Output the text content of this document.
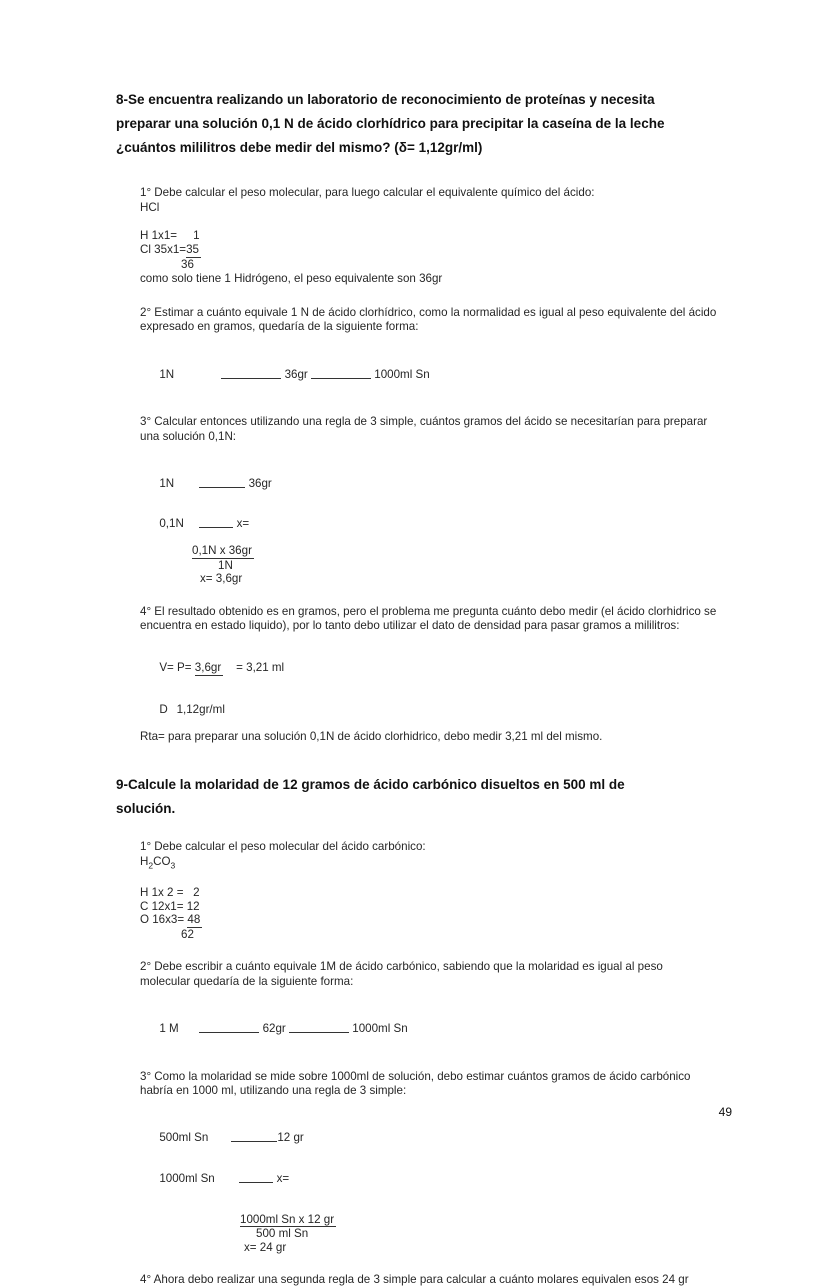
8-Se encuentra realizando un laboratorio de reconocimiento de proteínas y necesita
preparar una solución 0,1 N de ácido clorhídrico para precipitar la caseína de la leche
¿cuántos mililitros debe medir del mismo? (δ= 1,12gr/ml)

1° Debe calcular el peso molecular, para luego calcular el equivalente químico del ácido:

HCl

H 1x1=     1

Cl 35x1=35

36

como solo tiene 1 Hidrógeno, el peso equivalente son 36gr

2° Estimar a cuánto equivale 1 N de ácido clorhídrico, como la normalidad es igual al peso equivalente del ácido

expresado en gramos, quedaría de la siguiente forma:

1N	36gr	1000ml Sn

3° Calcular entonces utilizando una regla de 3 simple, cuántos gramos del ácido se necesitarían para preparar

una solución 0,1N:

1N	36gr

0,1N	x=

0,1N x 36gr

1N

x= 3,6gr

4° El resultado obtenido es en gramos, pero el problema me pregunta cuánto debo medir (el ácido clorhidrico se

encuentra en estado liquido), por lo tanto debo utilizar el dato de densidad para pasar gramos a mililitros:

V= P= 3,6gr = 3,21 ml

D 1,12gr/ml

Rta= para preparar una solución 0,1N de ácido clorhidrico, debo medir 3,21 ml del mismo.

9-Calcule la molaridad de 12 gramos de ácido carbónico disueltos en 500 ml de
solución.

1° Debe calcular el peso molecular del ácido carbónico:

$H_2CO_3$

H 1x 2 =   2

C 12x1= 12

O 16x3= 48

62

2° Debe escribir a cuánto equivale 1M de ácido carbónico, sabiendo que la molaridad es igual al peso

molecular quedaría de la siguiente forma:

1 M	62gr	1000ml Sn

3° Como la molaridad se mide sobre 1000ml de solución, debo estimar cuántos gramos de ácido carbónico

habría en 1000 ml, utilizando una regla de 3 simple:

500ml Sn	12 gr

1000ml Sn	x=

1000ml Sn x 12 gr

500 ml Sn

x= 24 gr

4° Ahora debo realizar una segunda regla de 3 simple para calcular a cuánto molares equivalen esos 24 gr

49
